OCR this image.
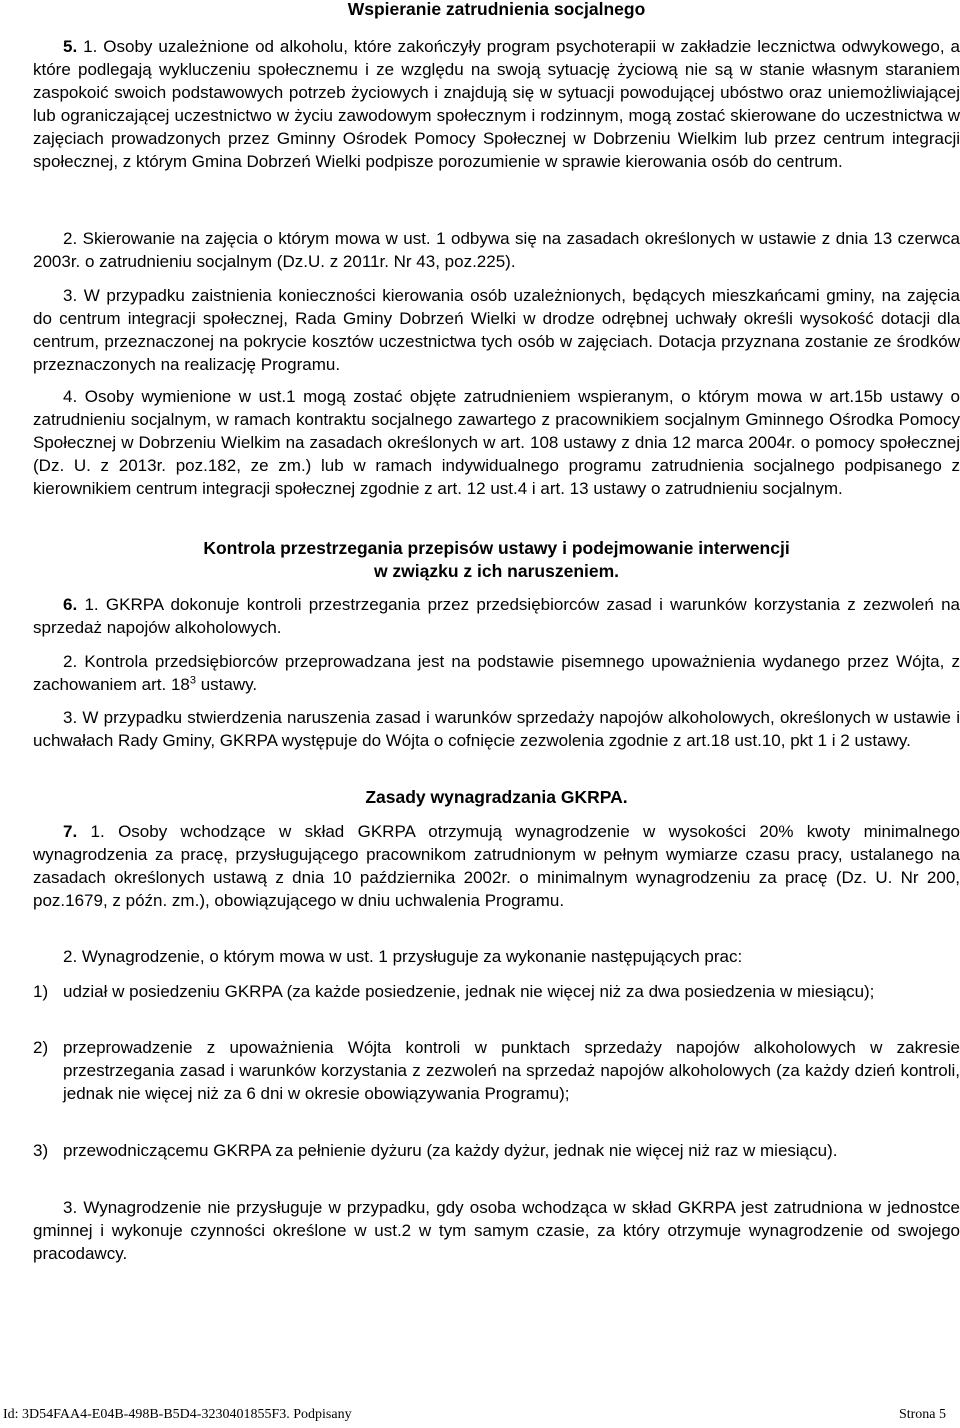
Wspieranie zatrudnienia socjalnego

5. 1. Osoby uzależnione od alkoholu, które zakończyły program psychoterapii w zakładzie lecznictwa odwykowego, a które podlegają wykluczeniu społecznemu i ze względu na swoją sytuację życiową nie są w stanie własnym staraniem zaspokoić swoich podstawowych potrzeb życiowych i znajdują się w sytuacji powodującej ubóstwo oraz uniemożliwiającej lub ograniczającej uczestnictwo w życiu zawodowym społecznym i rodzinnym, mogą zostać skierowane do uczestnictwa w zajęciach prowadzonych przez Gminny Ośrodek Pomocy Społecznej w Dobrzeniu Wielkim lub przez centrum integracji społecznej, z którym Gmina Dobrzeń Wielki podpisze porozumienie w sprawie kierowania osób do centrum.

2. Skierowanie na zajęcia o którym mowa w ust. 1 odbywa się na zasadach określonych w ustawie z dnia 13 czerwca 2003r. o zatrudnieniu socjalnym (Dz.U. z 2011r. Nr 43, poz.225).

3. W przypadku zaistnienia konieczności kierowania osób uzależnionych, będących mieszkańcami gminy, na zajęcia do centrum integracji społecznej, Rada Gminy Dobrzeń Wielki w drodze odrębnej uchwały określi wysokość dotacji dla centrum, przeznaczonej na pokrycie kosztów uczestnictwa tych osób w zajęciach. Dotacja przyznana zostanie ze środków przeznaczonych na realizację Programu.

4. Osoby wymienione w ust.1 mogą zostać objęte zatrudnieniem wspieranym, o którym mowa w art.15b ustawy o zatrudnieniu socjalnym, w ramach kontraktu socjalnego zawartego z pracownikiem socjalnym Gminnego Ośrodka Pomocy Społecznej w Dobrzeniu Wielkim na zasadach określonych w art. 108 ustawy z dnia 12 marca 2004r. o pomocy społecznej (Dz. U. z 2013r. poz.182, ze zm.) lub w ramach indywidualnego programu zatrudnienia socjalnego podpisanego z kierownikiem centrum integracji społecznej zgodnie z art. 12 ust.4 i art. 13 ustawy o zatrudnieniu socjalnym.

Kontrola przestrzegania przepisów ustawy i podejmowanie interwencji
w związku z ich naruszeniem.

6. 1. GKRPA dokonuje kontroli przestrzegania przez przedsiębiorców zasad i warunków korzystania z zezwoleń na sprzedaż napojów alkoholowych.

2. Kontrola przedsiębiorców przeprowadzana jest na podstawie pisemnego upoważnienia wydanego przez Wójta, z zachowaniem art. $18^3$ ustawy.

3. W przypadku stwierdzenia naruszenia zasad i warunków sprzedaży napojów alkoholowych, określonych w ustawie i uchwałach Rady Gminy, GKRPA występuje do Wójta o cofnięcie zezwolenia zgodnie z art.18 ust.10, pkt 1 i 2 ustawy.

Zasady wynagradzania GKRPA.

7. 1. Osoby wchodzące w skład GKRPA otrzymują wynagrodzenie w wysokości 20% kwoty minimalnego wynagrodzenia za pracę, przysługującego pracownikom zatrudnionym w pełnym wymiarze czasu pracy, ustalanego na zasadach określonych ustawą z dnia 10 października 2002r. o minimalnym wynagrodzeniu za pracę (Dz. U. Nr 200, poz.1679, z późn. zm.), obowiązującego w dniu uchwalenia Programu.

2. Wynagrodzenie, o którym mowa w ust. 1 przysługuje za wykonanie następujących prac:

1) udział w posiedzeniu GKRPA (za każde posiedzenie, jednak nie więcej niż za dwa posiedzenia w miesiącu);
2) przeprowadzenie z upoważnienia Wójta kontroli w punktach sprzedaży napojów alkoholowych w zakresie przestrzegania zasad i warunków korzystania z zezwoleń na sprzedaż napojów alkoholowych (za każdy dzień kontroli, jednak nie więcej niż za 6 dni w okresie obowiązywania Programu);
3) przewodniczącemu GKRPA za pełnienie dyżuru (za każdy dyżur, jednak nie więcej niż raz w miesiącu).

3. Wynagrodzenie nie przysługuje w przypadku, gdy osoba wchodząca w skład GKRPA jest zatrudniona w jednostce gminnej i wykonuje czynności określone w ust.2 w tym samym czasie, za który otrzymuje wynagrodzenie od swojego pracodawcy.

Id: 3D54FAA4-E04B-498B-B5D4-3230401855F3. Podpisany	Strona 5
